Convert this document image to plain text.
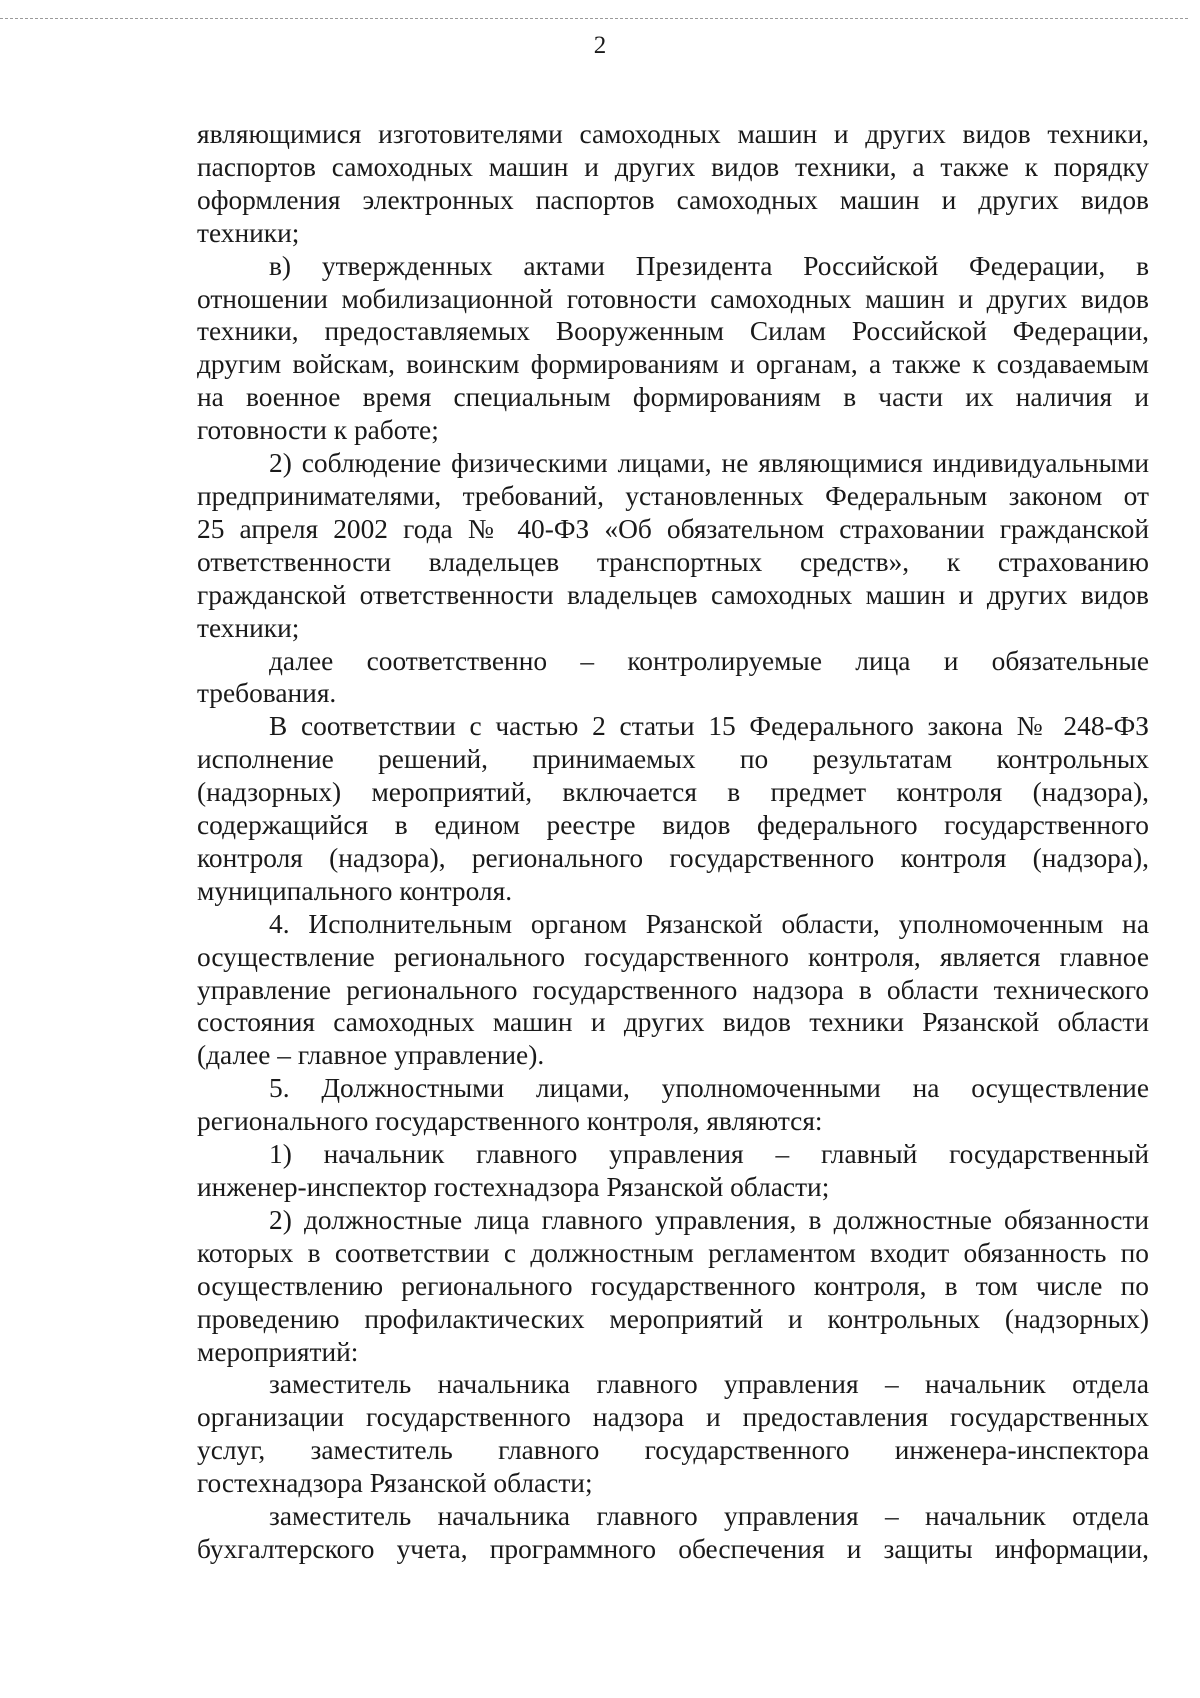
2

являющимися изготовителями самоходных машин и других видов техники,

паспортов самоходных машин и других видов техники, а также к порядку

оформления электронных паспортов самоходных машин и других видов

техники;

в) утвержденных актами Президента Российской Федерации, в

отношении мобилизационной готовности самоходных машин и других видов

техники, предоставляемых Вооруженным Силам Российской Федерации,

другим войскам, воинским формированиям и органам, а также к создаваемым

на военное время специальным формированиям в части их наличия и

готовности к работе;

2) соблюдение физическими лицами, не являющимися индивидуальными

предпринимателями, требований, установленных Федеральным законом от

25 апреля 2002 года № 40-ФЗ «Об обязательном страховании гражданской

ответственности владельцев транспортных средств», к страхованию

гражданской ответственности владельцев самоходных машин и других видов

техники;

далее соответственно – контролируемые лица и обязательные

требования.

В соответствии с частью 2 статьи 15 Федерального закона № 248-ФЗ

исполнение решений, принимаемых по результатам контрольных

(надзорных) мероприятий, включается в предмет контроля (надзора),

содержащийся в едином реестре видов федерального государственного

контроля (надзора), регионального государственного контроля (надзора),

муниципального контроля.

4. Исполнительным органом Рязанской области, уполномоченным на

осуществление регионального государственного контроля, является главное

управление регионального государственного надзора в области технического

состояния самоходных машин и других видов техники Рязанской области

(далее – главное управление).

5. Должностными лицами, уполномоченными на осуществление

регионального государственного контроля, являются:

1) начальник главного управления – главный государственный

инженер-инспектор гостехнадзора Рязанской области;

2) должностные лица главного управления, в должностные обязанности

которых в соответствии с должностным регламентом входит обязанность по

осуществлению регионального государственного контроля, в том числе по

проведению профилактических мероприятий и контрольных (надзорных)

мероприятий:

заместитель начальника главного управления – начальник отдела

организации государственного надзора и предоставления государственных

услуг, заместитель главного государственного инженера-инспектора

гостехнадзора Рязанской области;

заместитель начальника главного управления – начальник отдела

бухгалтерского учета, программного обеспечения и защиты информации,
